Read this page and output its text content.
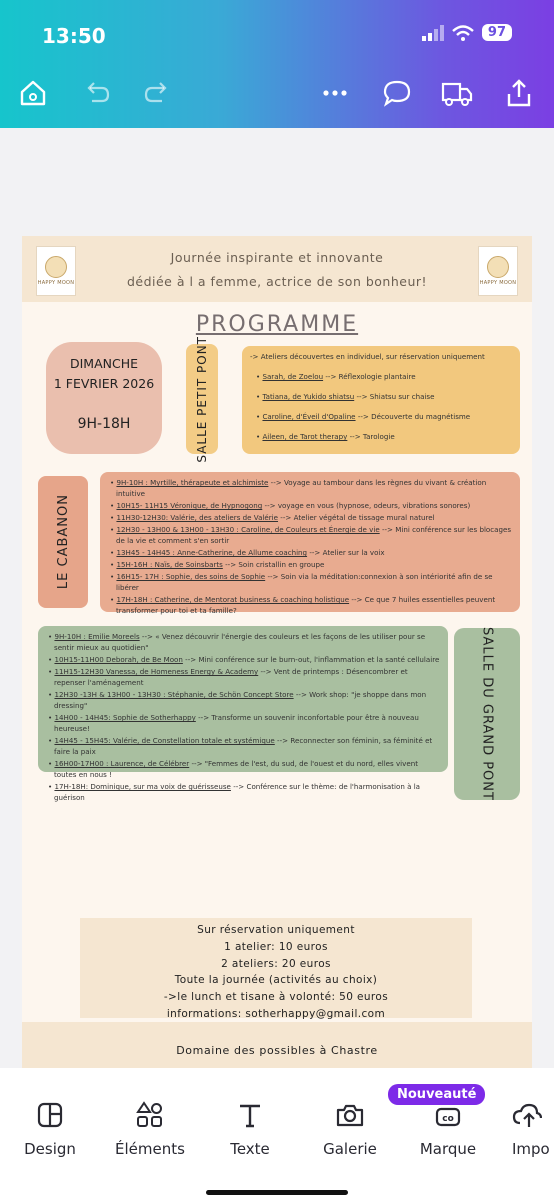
13:50	97
HAPPY MOON
Journée inspirante et innovante
dédiée à l a femme, actrice de son bonheur!	HAPPY MOON
PROGRAMME
DIMANCHE
1 FEVRIER 2026
9H-18H	SALLE PETIT PONT	-> Ateliers découvertes en individuel, sur réservation uniquement
• Sarah, de Zoelou --> Réflexologie plantaire
• Tatiana, de Yukido shiatsu --> Shiatsu sur chaise
• Caroline, d'Éveil d'Opaline --> Découverte du magnétisme
• Aileen, de Tarot therapy --> Tarologie
LE CABANON
• 9H-10H : Myrtille, thérapeute et alchimiste --> Voyage au tambour dans les règnes du vivant & création intuitive
• 10H15- 11H15 Véronique, de Hypnogong --> voyage en vous (hypnose, odeurs, vibrations sonores)
• 11H30-12H30: Valérie, des ateliers de Valérie --> Atelier végétal de tissage mural naturel
• 12H30 - 13H00 & 13H00 - 13H30 : Caroline, de Couleurs et Énergie de vie --> Mini conférence sur les blocages de la vie et comment s'en sortir
• 13H45 - 14H45 : Anne-Catherine, de Allume coaching --> Atelier sur la voix
• 15H-16H : Naïs, de Soinsbarts --> Soin cristallin en groupe
• 16H15- 17H : Sophie, des soins de Sophie --> Soin via la méditation:connexion à son intériorité afin de se libérer
• 17H-18H : Catherine, de Mentorat business & coaching holistique --> Ce que 7 huiles essentielles peuvent transformer pour toi et ta famille?
• 9H-10H : Emilie Moreels --> « Venez découvrir l'énergie des couleurs et les façons de les utiliser pour se sentir mieux au quotidien"
• 10H15-11H00 Deborah, de Be Moon --> Mini conférence sur le burn-out, l'inflammation et la santé cellulaire
• 11H15-12H30 Vanessa, de Homeness Energy & Academy --> Vent de printemps : Désencombrer et repenser l'aménagement
• 12H30 -13H & 13H00 - 13H30 : Stéphanie, de Schön Concept Store --> Work shop: "je shoppe dans mon dressing"
• 14H00 - 14H45: Sophie de Sotherhappy --> Transforme un souvenir inconfortable pour être à nouveau heureuse!
• 14H45 - 15H45: Valérie, de Constellation totale et systémique --> Reconnecter son féminin, sa féminité et faire la paix
• 16H00-17H00 : Laurence, de Célébrer --> "Femmes de l'est, du sud, de l'ouest et du nord, elles vivent toutes en nous !
• 17H-18H: Dominique, sur ma voix de guérisseuse --> Conférence sur le thème: de l'harmonisation à la guérison	SALLE DU GRAND PONT
Sur réservation uniquement
1 atelier: 10 euros
2 ateliers: 20 euros
Toute la journée (activités au choix)
->le lunch et tisane à volonté: 50 euros
informations: sotherhappy@gmail.com
Domaine des possibles à Chastre
Nouveauté
Design	Éléments	Texte	Galerie
co
Marque	Impo
